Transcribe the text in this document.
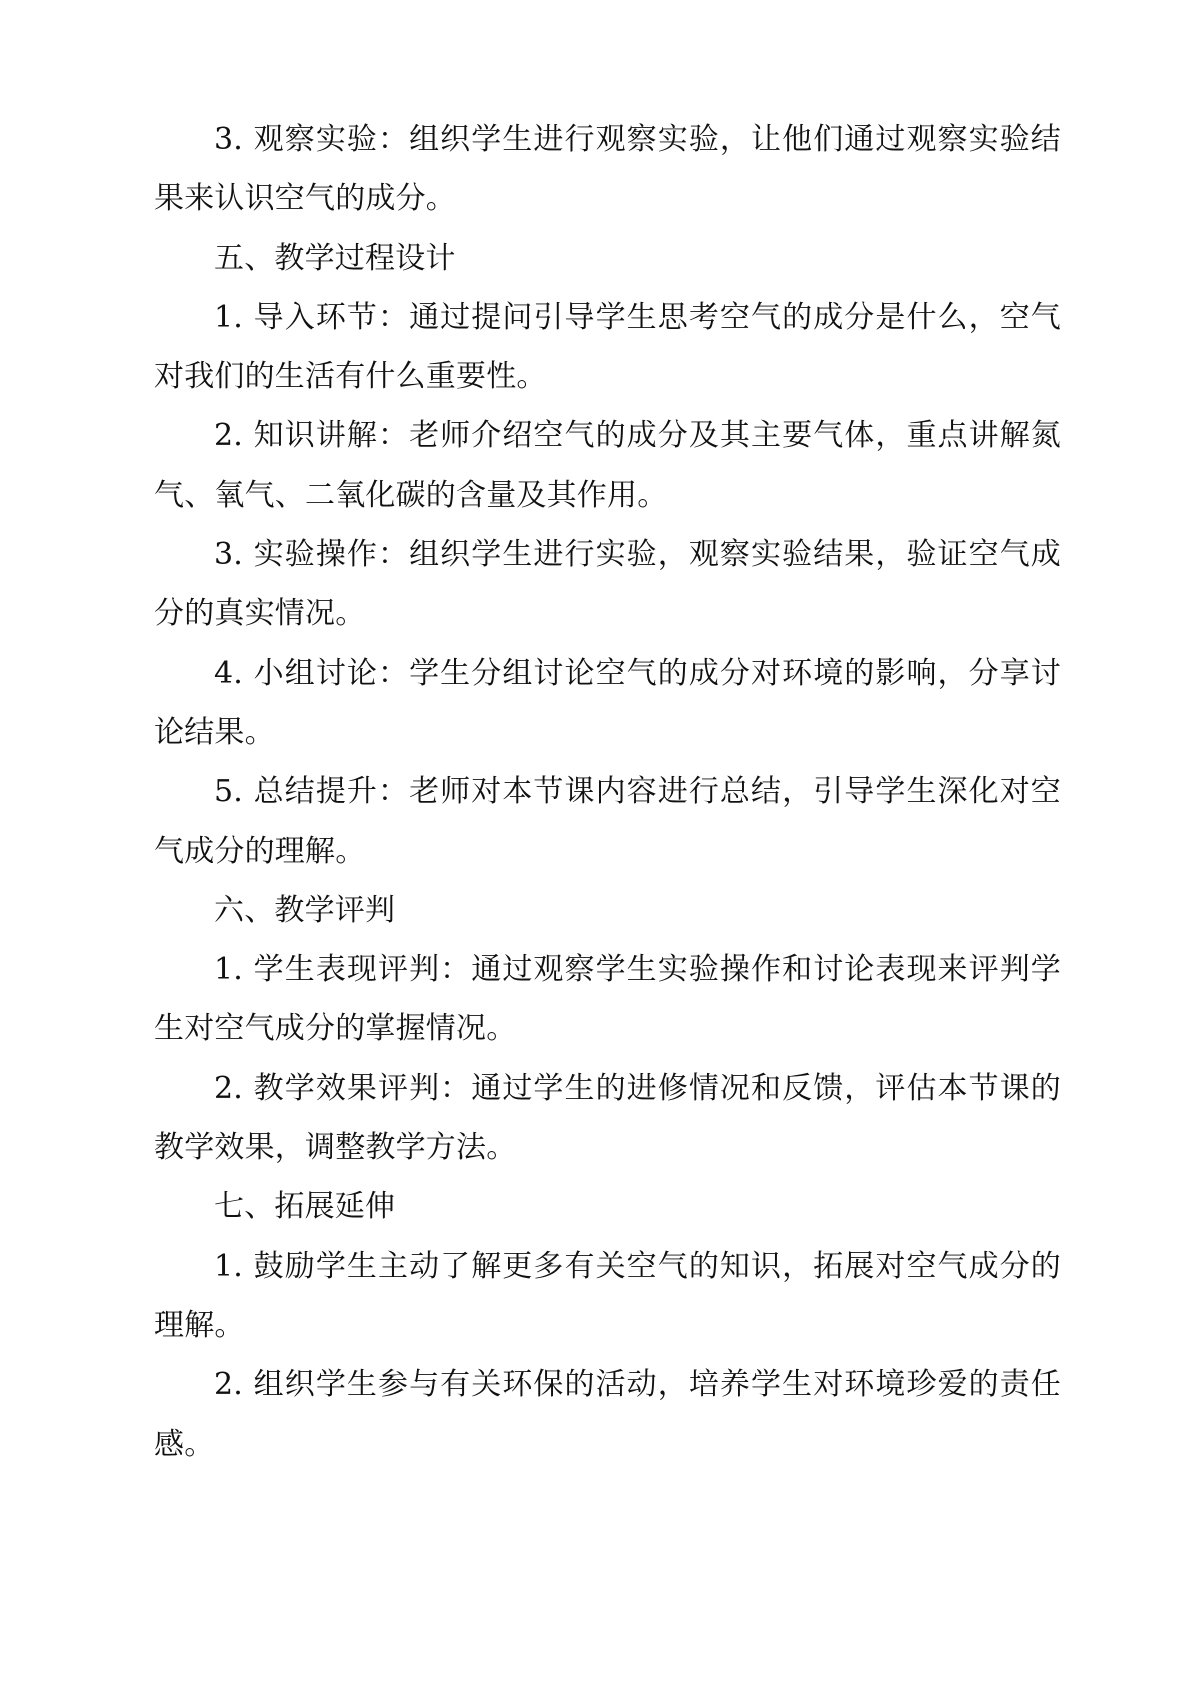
3. 观察实验：组织学生进行观察实验，让他们通过观察实验结果来认识空气的成分。

五、教学过程设计

1. 导入环节：通过提问引导学生思考空气的成分是什么，空气对我们的生活有什么重要性。

2. 知识讲解：老师介绍空气的成分及其主要气体，重点讲解氮气、氧气、二氧化碳的含量及其作用。

3. 实验操作：组织学生进行实验，观察实验结果，验证空气成分的真实情况。

4. 小组讨论：学生分组讨论空气的成分对环境的影响，分享讨论结果。

5. 总结提升：老师对本节课内容进行总结，引导学生深化对空气成分的理解。

六、教学评判

1. 学生表现评判：通过观察学生实验操作和讨论表现来评判学生对空气成分的掌握情况。

2. 教学效果评判：通过学生的进修情况和反馈，评估本节课的教学效果，调整教学方法。

七、拓展延伸

1. 鼓励学生主动了解更多有关空气的知识，拓展对空气成分的理解。

2. 组织学生参与有关环保的活动，培养学生对环境珍爱的责任感。
